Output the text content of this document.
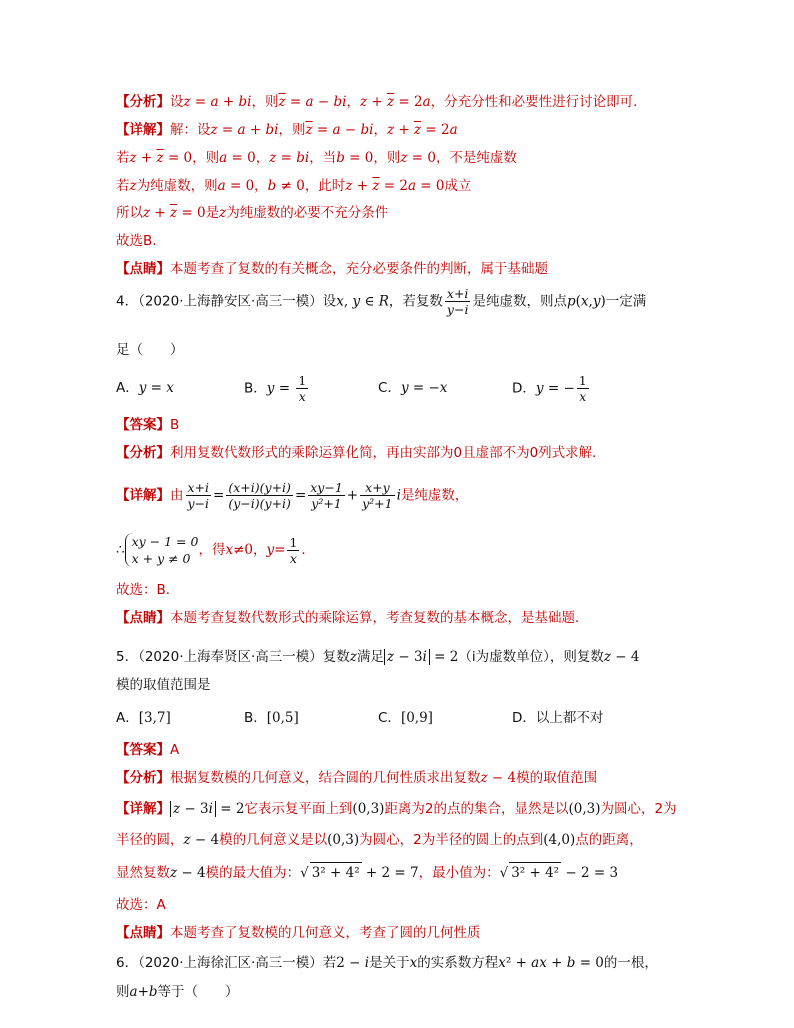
【分析】设z = a + bi，则$\overline{z} = a$ − bi，$z + \overline{z} = 2a$，分充分性和必要性进行讨论即可.
【详解】解：设z = a + bi，则$\overline{z} = a$ − bi，$z + \overline{z} = 2a$
若$z + \overline{z} = 0$，则a = 0，z = bi，当b = 0，则z = 0，不是纯虚数
若z为纯虚数，则a = 0，b ≠ 0，此时$z + \overline{z} = 2a = 0$成立
所以$z + \overline{z} = 0$是z为纯虚数的必要不充分条件
故选B.
【点睛】本题考查了复数的有关概念，充分必要条件的判断，属于基础题
4．（2020·上海静安区·高三一模）设x, y ∈ R，若复数 $\frac{x+i}{y-i}$ 是纯虚数，则点p(x,y)一定满
足（　　）
A．y = x	B．$y = \frac{1}{x}$	C．y = −x	D．y = − $\frac{1}{x}$
【答案】B
【分析】利用复数代数形式的乘除运算化简，再由实部为0且虚部不为0列式求解．
【详解】由 $\frac{x+i}{y-i} = \frac{(x+i)(y+i)}{(y-i)(y+i)} = \frac{xy-1}{\text{y²+1}} + \frac{x+y}{\text{y²+1}}$ i是纯虚数，
∴
xy − 1 = 0
x + y ≠ 0
，得x≠0，$y= \frac{1}{x}$ ．
故选：B．
【点睛】本题考查复数代数形式的乘除运算，考查复数的基本概念，是基础题．
5．（2020·上海奉贤区·高三一模）复数z满足 z − 3i = 2（i为虚数单位），则复数z − 4
模的取值范围是
A．[3,7]	B．[0,5]	C．[0,9]	D．以上都不对
【答案】A
【分析】根据复数模的几何意义，结合圆的几何性质求出复数z − 4模的取值范围
【详解】 z − 3i = 2它表示复平面上到(0,3)距离为2的点的集合，显然是以(0,3)为圆心，2为
半径的圆，z − 4模的几何意义是以(0,3)为圆心，2为半径的圆上的点到(4,0)点的距离，
显然复数z − 4模的最大值为：√ 3² + 4² + 2 = 7，最小值为：√ 3² + 4² − 2 = 3
故选：A
【点睛】本题考查了复数模的几何意义，考查了圆的几何性质
6．（2020·上海徐汇区·高三一模）若2 − i是关于x的实系数方程x² + ax + b = 0的一根，
则a+b等于（　　）
